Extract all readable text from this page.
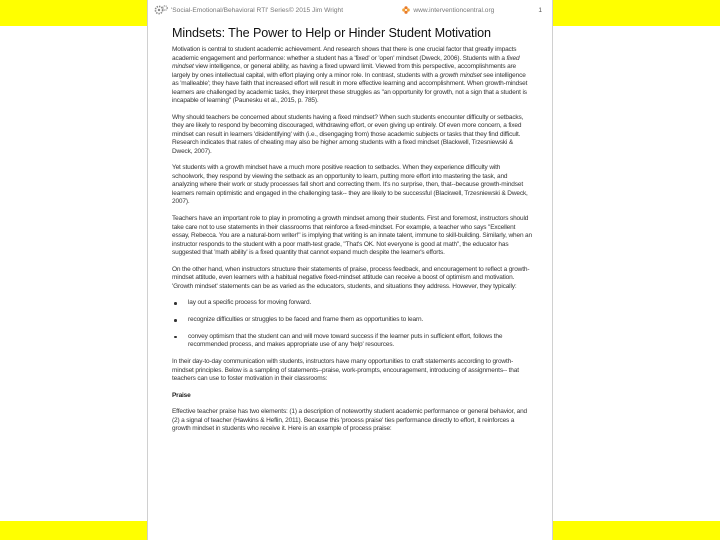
'Social-Emotional/Behavioral RTI' Series© 2015 Jim Wright	www.interventioncentral.org	1
Mindsets: The Power to Help or Hinder Student Motivation

Motivation is central to student academic achievement. And research shows that there is one crucial factor that greatly impacts academic engagement and performance: whether a student has a 'fixed' or 'open' mindset (Dweck, 2006). Students with a fixed mindset view intelligence, or general ability, as having a fixed upward limit. Viewed from this perspective, accomplishments are largely by ones intellectual capital, with effort playing only a minor role. In contrast, students with a growth mindset see intelligence as 'malleable'; they have faith that increased effort will result in more effective learning and accomplishment. When growth-mindset learners are challenged by academic tasks, they interpret these struggles as "an opportunity for growth, not a sign that a student is incapable of learning" (Paunesku et al., 2015, p. 785).

Why should teachers be concerned about students having a fixed mindset? When such students encounter difficulty or setbacks, they are likely to respond by becoming discouraged, withdrawing effort, or even giving up entirely. Of even more concern, a fixed mindset can result in learners 'disidentifying' with (i.e., disengaging from) those academic subjects or tasks that they find difficult. Research indicates that rates of cheating may also be higher among students with a fixed mindset (Blackwell, Trzesniewski & Dweck, 2007).

Yet students with a growth mindset have a much more positive reaction to setbacks. When they experience difficulty with schoolwork, they respond by viewing the setback as an opportunity to learn, putting more effort into mastering the task, and analyzing where their work or study processes fall short and correcting them. It's no surprise, then, that--because growth-mindset learners remain optimistic and engaged in the challenging task-- they are likely to be successful (Blackwell, Trzesniewski & Dweck, 2007).

Teachers have an important role to play in promoting a growth mindset among their students. First and foremost, instructors should take care not to use statements in their classrooms that reinforce a fixed-mindset. For example, a teacher who says "Excellent essay, Rebecca. You are a natural-born writer!" is implying that writing is an innate talent, immune to skill-building. Similarly, when an instructor responds to the student with a poor math-test grade, "That's OK. Not everyone is good at math", the educator has suggested that 'math ability' is a fixed quantity that cannot expand much despite the learner's efforts.

On the other hand, when instructors structure their statements of praise, process feedback, and encouragement to reflect a growth-mindset attitude, even learners with a habitual negative fixed-mindset attitude can receive a boost of optimism and motivation. 'Growth mindset' statements can be as varied as the educators, students, and situations they address. However, they typically:

lay out a specific process for moving forward.
recognize difficulties or struggles to be faced and frame them as opportunities to learn.
convey optimism that the student can and will move toward success if the learner puts in sufficient effort, follows the recommended process, and makes appropriate use of any 'help' resources.

In their day-to-day communication with students, instructors have many opportunities to craft statements according to growth-mindset principles. Below is a sampling of statements--praise, work-prompts, encouragement, introducing of assignments-- that teachers can use to foster motivation in their classrooms:

Praise

Effective teacher praise has two elements: (1) a description of noteworthy student academic performance or general behavior, and (2) a signal of teacher (Hawkins & Heflin, 2011). Because this 'process praise' ties performance directly to effort, it reinforces a growth mindset in students who receive it. Here is an example of process praise:
